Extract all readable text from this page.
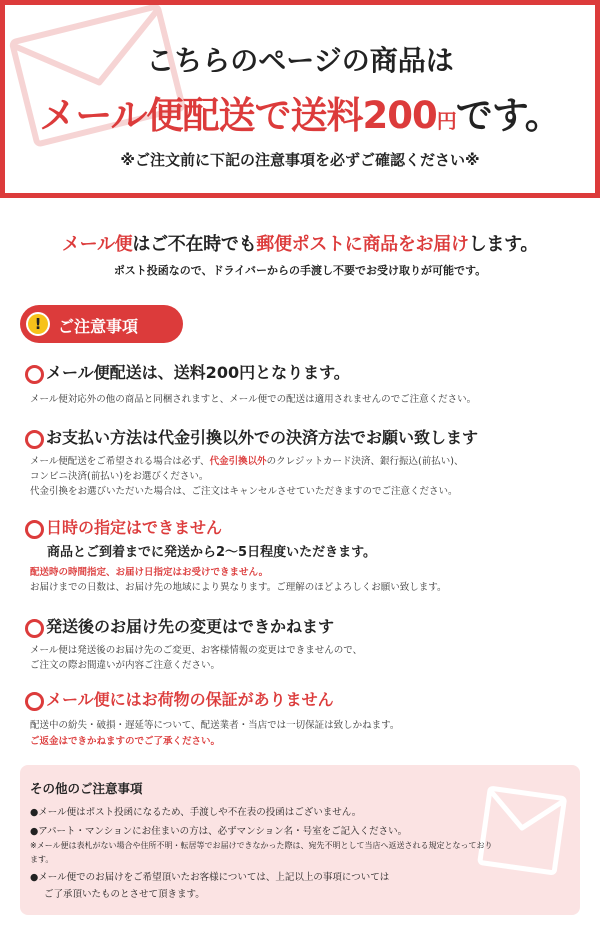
こちらのページの商品は
メール便配送で送料200円です。
※ご注文前に下記の注意事項を必ずご確認ください※
メール便はご不在時でも郵便ポストに商品をお届けします。
ポスト投函なので、ドライバーからの手渡し不要でお受け取りが可能です。
!	ご注意事項
メール便配送は、送料200円となります。
メール便対応外の他の商品と同梱されますと、メール便での配送は適用されませんのでご注意ください。
お支払い方法は代金引換以外での決済方法でお願い致します
メール便配送をご希望される場合は必ず、代金引換以外のクレジットカード決済、銀行振込(前払い)、
コンビニ決済(前払い)をお選びください。
代金引換をお選びいただいた場合は、ご注文はキャンセルさせていただきますのでご注意ください。
日時の指定はできません
商品とご到着までに発送から2〜5日程度いただきます。
配送時の時間指定、お届け日指定はお受けできません。
お届けまでの日数は、お届け先の地域により異なります。ご理解のほどよろしくお願い致します。
発送後のお届け先の変更はできかねます
メール便は発送後のお届け先のご変更、お客様情報の変更はできませんので、
ご注文の際お間違いが内容ご注意ください。
メール便にはお荷物の保証がありません
配送中の紛失・破損・遅延等について、配送業者・当店では一切保証は致しかねます。
ご返金はできかねますのでご了承ください。
その他のご注意事項
●メール便はポスト投函になるため、手渡しや不在表の投函はございません。
●アパート・マンションにお住まいの方は、必ずマンション名・号室をご記入ください。
※メール便は表札がない場合や住所不明・転居等でお届けできなかった際は、宛先不明として当店へ返送される規定となっており
ます。
●メール便でのお届けをご希望頂いたお客様については、上記以上の事項については
ご了承頂いたものとさせて頂きます。
